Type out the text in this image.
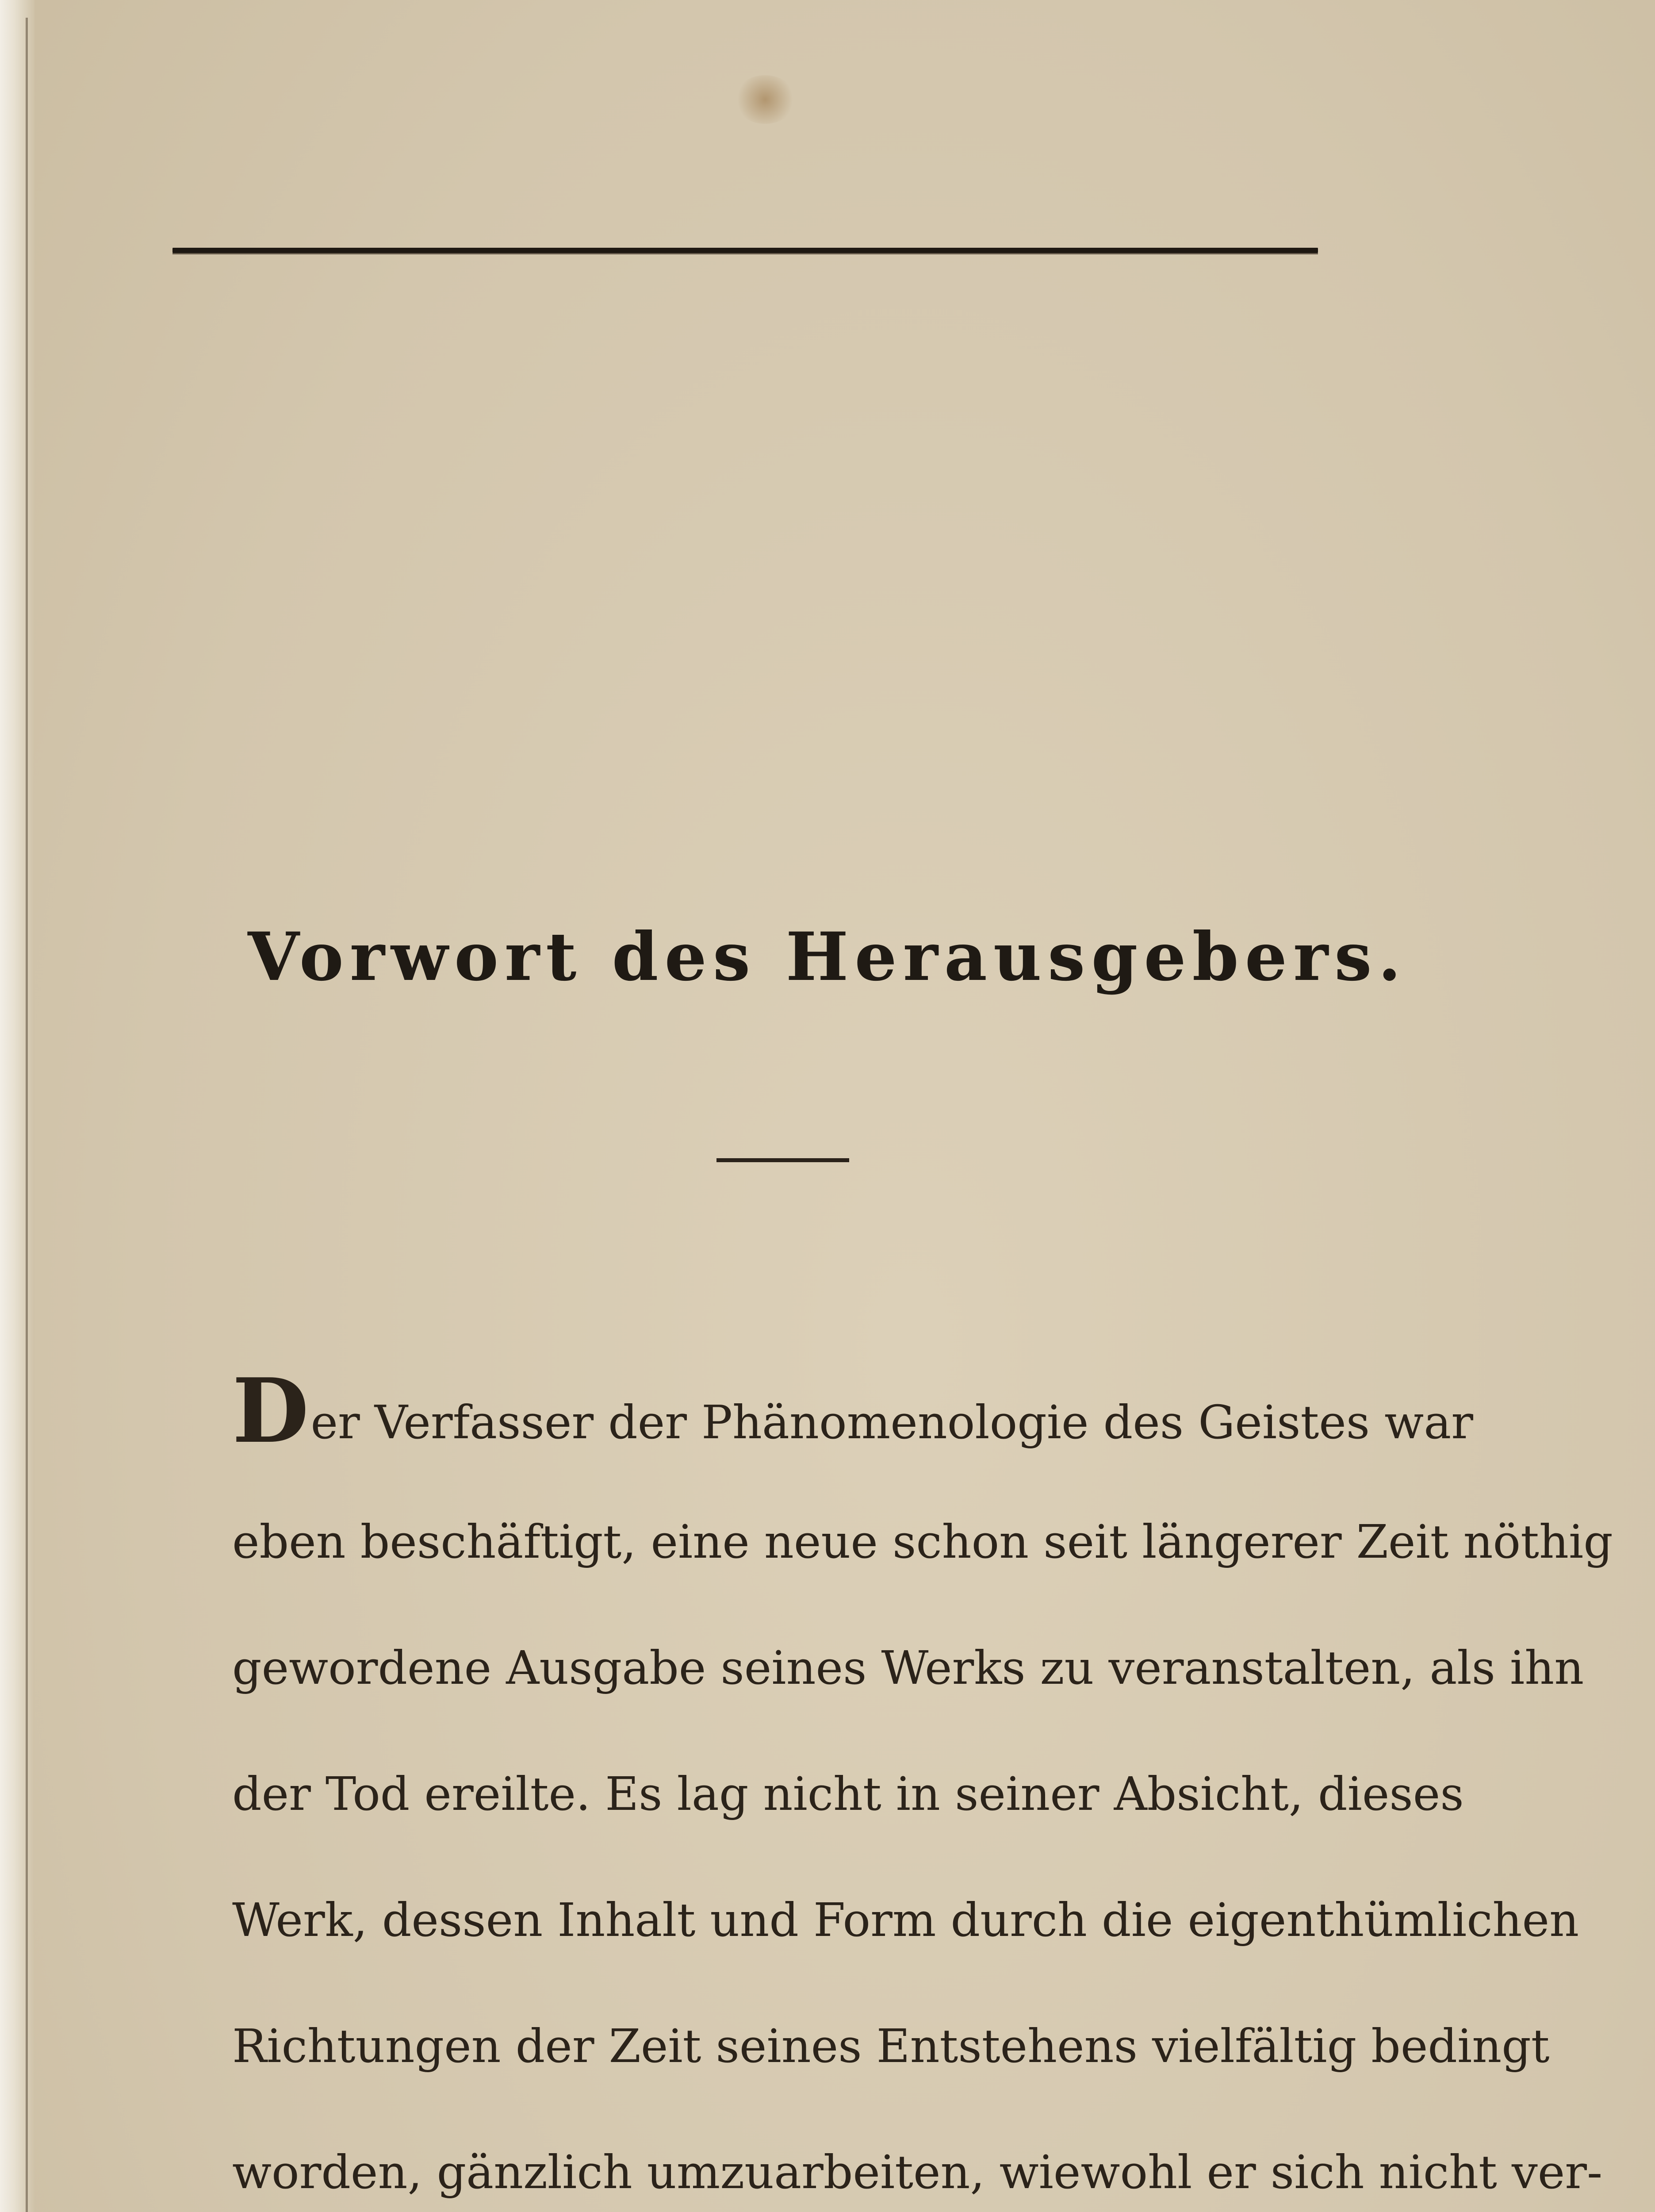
Vorwort des Herausgebers.
Der Verfasser der Phänomenologie des Geistes war
eben beschäftigt, eine neue schon seit längerer Zeit nöthig
gewordene Ausgabe seines Werks zu veranstalten, als ihn
der Tod ereilte. Es lag nicht in seiner Absicht, dieses
Werk, dessen Inhalt und Form durch die eigenthümlichen
Richtungen der Zeit seines Entstehens vielfältig bedingt
worden, gänzlich umzuarbeiten, wiewohl er sich nicht ver-
